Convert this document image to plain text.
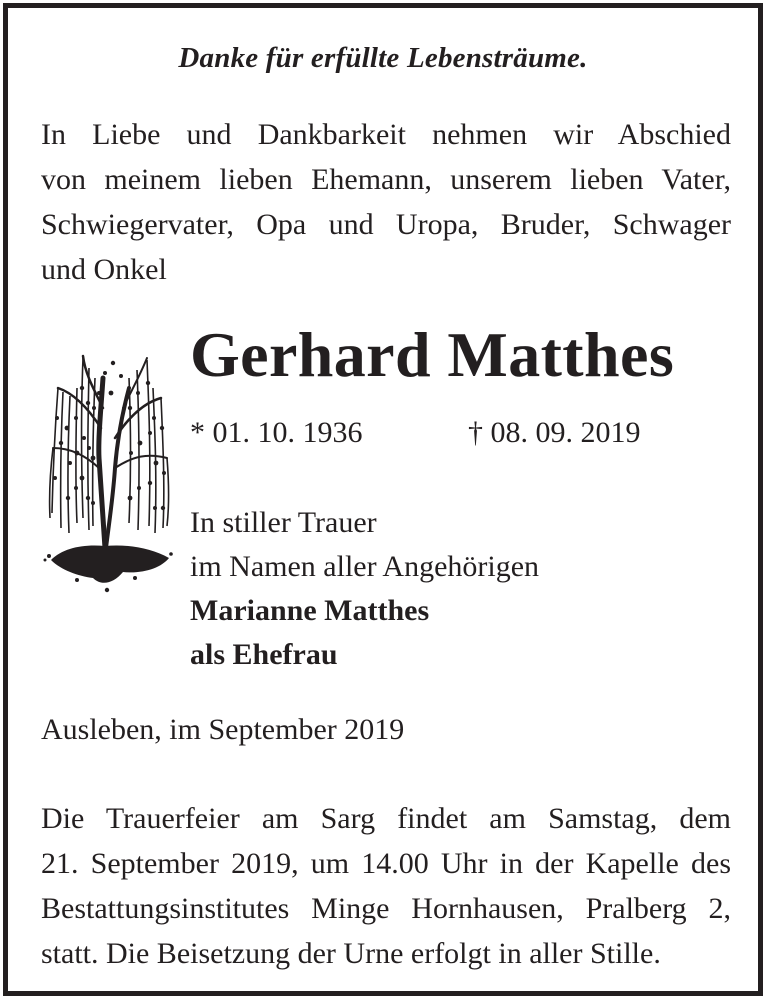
Danke für erfüllte Lebensträume.
In Liebe und Dankbarkeit nehmen wir Abschied
von meinem lieben Ehemann, unserem lieben Vater,
Schwiegervater, Opa und Uropa, Bruder, Schwager
und Onkel
Gerhard Matthes
* 01. 10. 1936	† 08. 09. 2019
In stiller Trauer
im Namen aller Angehörigen
Marianne Matthes
als Ehefrau
Ausleben, im September 2019
Die Trauerfeier am Sarg findet am Samstag, dem
21. September 2019, um 14.00 Uhr in der Kapelle des
Bestattungsinstitutes Minge Hornhausen, Pralberg 2,
statt. Die Beisetzung der Urne erfolgt in aller Stille.
